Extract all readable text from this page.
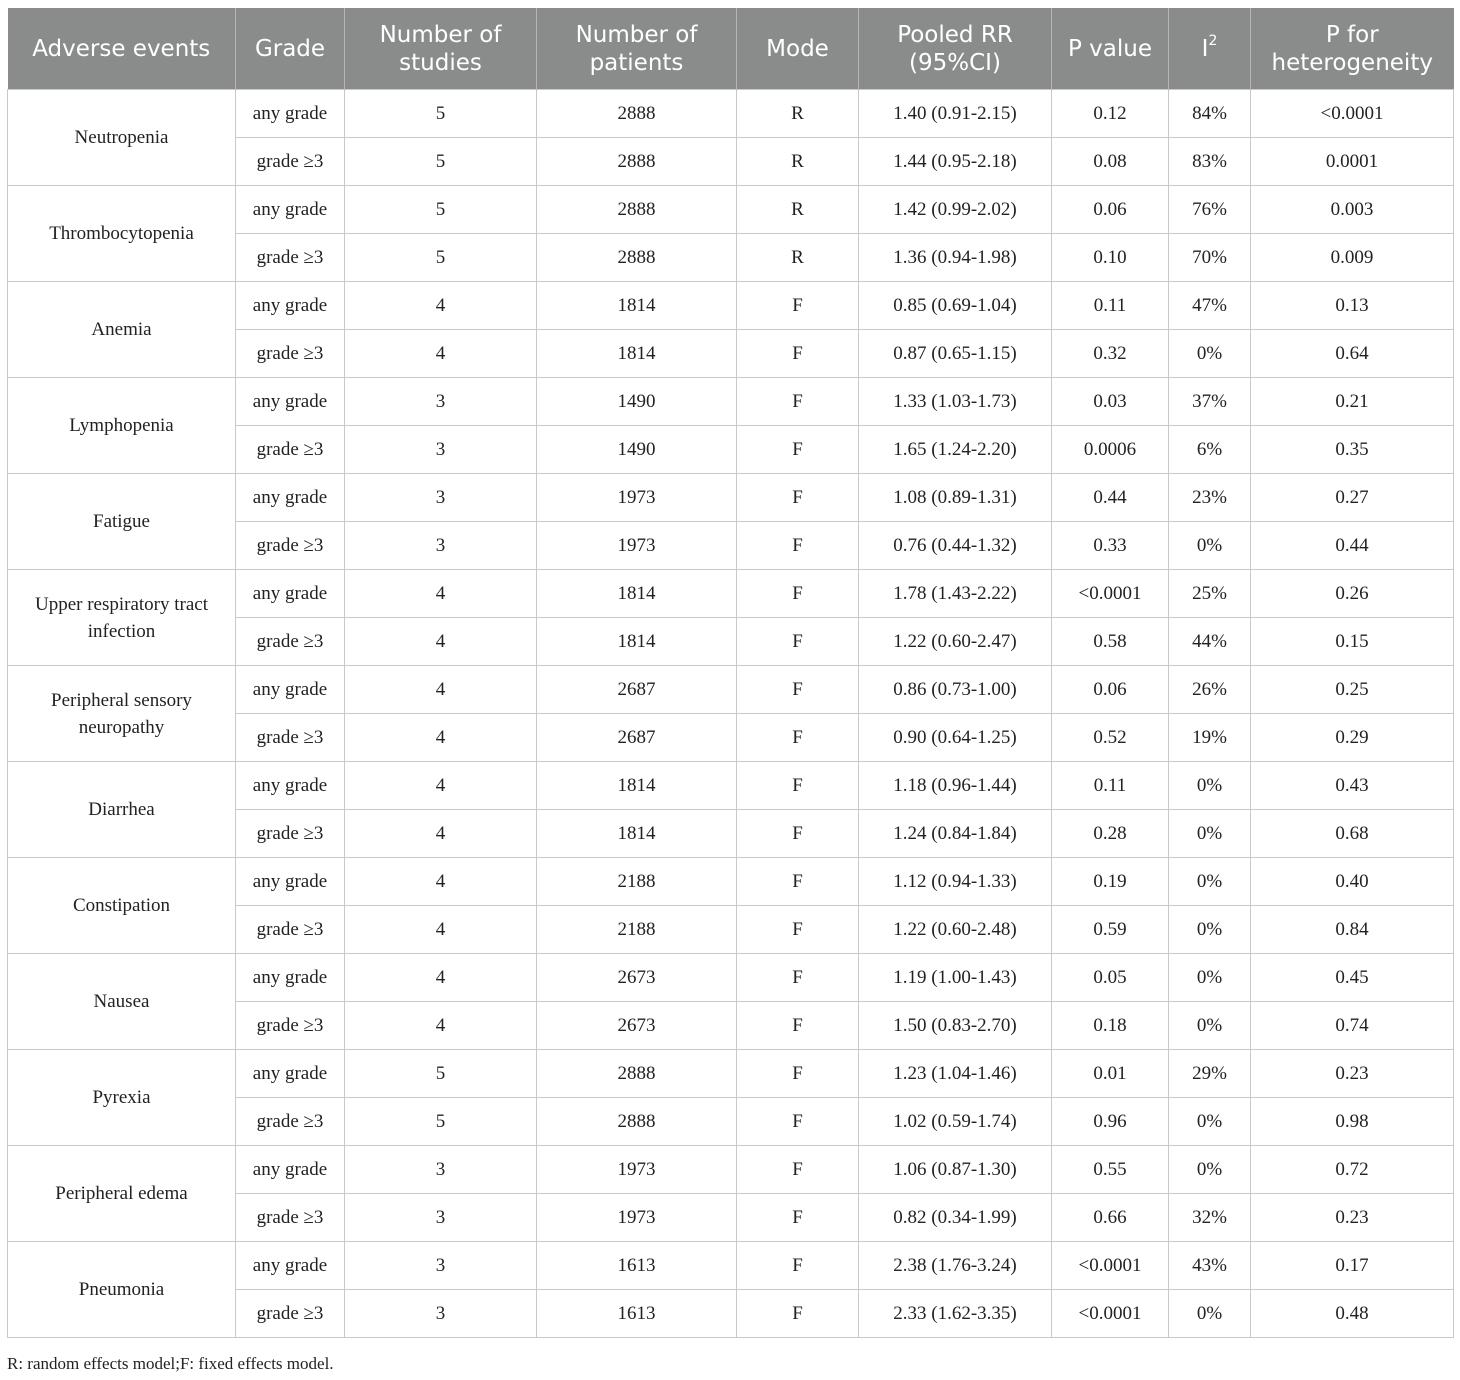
Adverse events	Grade	Number of studies	Number of patients	Mode	Pooled RR (95%CI)	P value	$I^2$	P for heterogeneity
Neutropenia	any grade	5	2888	R	1.40 (0.91-2.15)	0.12	84%	<0.0001
	grade ≥3	5	2888	R	1.44 (0.95-2.18)	0.08	83%	0.0001
Thrombocytopenia	any grade	5	2888	R	1.42 (0.99-2.02)	0.06	76%	0.003
	grade ≥3	5	2888	R	1.36 (0.94-1.98)	0.10	70%	0.009
Anemia	any grade	4	1814	F	0.85 (0.69-1.04)	0.11	47%	0.13
	grade ≥3	4	1814	F	0.87 (0.65-1.15)	0.32	0%	0.64
Lymphopenia	any grade	3	1490	F	1.33 (1.03-1.73)	0.03	37%	0.21
	grade ≥3	3	1490	F	1.65 (1.24-2.20)	0.0006	6%	0.35
Fatigue	any grade	3	1973	F	1.08 (0.89-1.31)	0.44	23%	0.27
	grade ≥3	3	1973	F	0.76 (0.44-1.32)	0.33	0%	0.44
Upper respiratory tract infection	any grade	4	1814	F	1.78 (1.43-2.22)	<0.0001	25%	0.26
	grade ≥3	4	1814	F	1.22 (0.60-2.47)	0.58	44%	0.15
Peripheral sensory neuropathy	any grade	4	2687	F	0.86 (0.73-1.00)	0.06	26%	0.25
	grade ≥3	4	2687	F	0.90 (0.64-1.25)	0.52	19%	0.29
Diarrhea	any grade	4	1814	F	1.18 (0.96-1.44)	0.11	0%	0.43
	grade ≥3	4	1814	F	1.24 (0.84-1.84)	0.28	0%	0.68
Constipation	any grade	4	2188	F	1.12 (0.94-1.33)	0.19	0%	0.40
	grade ≥3	4	2188	F	1.22 (0.60-2.48)	0.59	0%	0.84
Nausea	any grade	4	2673	F	1.19 (1.00-1.43)	0.05	0%	0.45
	grade ≥3	4	2673	F	1.50 (0.83-2.70)	0.18	0%	0.74
Pyrexia	any grade	5	2888	F	1.23 (1.04-1.46)	0.01	29%	0.23
	grade ≥3	5	2888	F	1.02 (0.59-1.74)	0.96	0%	0.98
Peripheral edema	any grade	3	1973	F	1.06 (0.87-1.30)	0.55	0%	0.72
	grade ≥3	3	1973	F	0.82 (0.34-1.99)	0.66	32%	0.23
Pneumonia	any grade	3	1613	F	2.38 (1.76-3.24)	<0.0001	43%	0.17
	grade ≥3	3	1613	F	2.33 (1.62-3.35)	<0.0001	0%	0.48
R: random effects model;F: fixed effects model.
